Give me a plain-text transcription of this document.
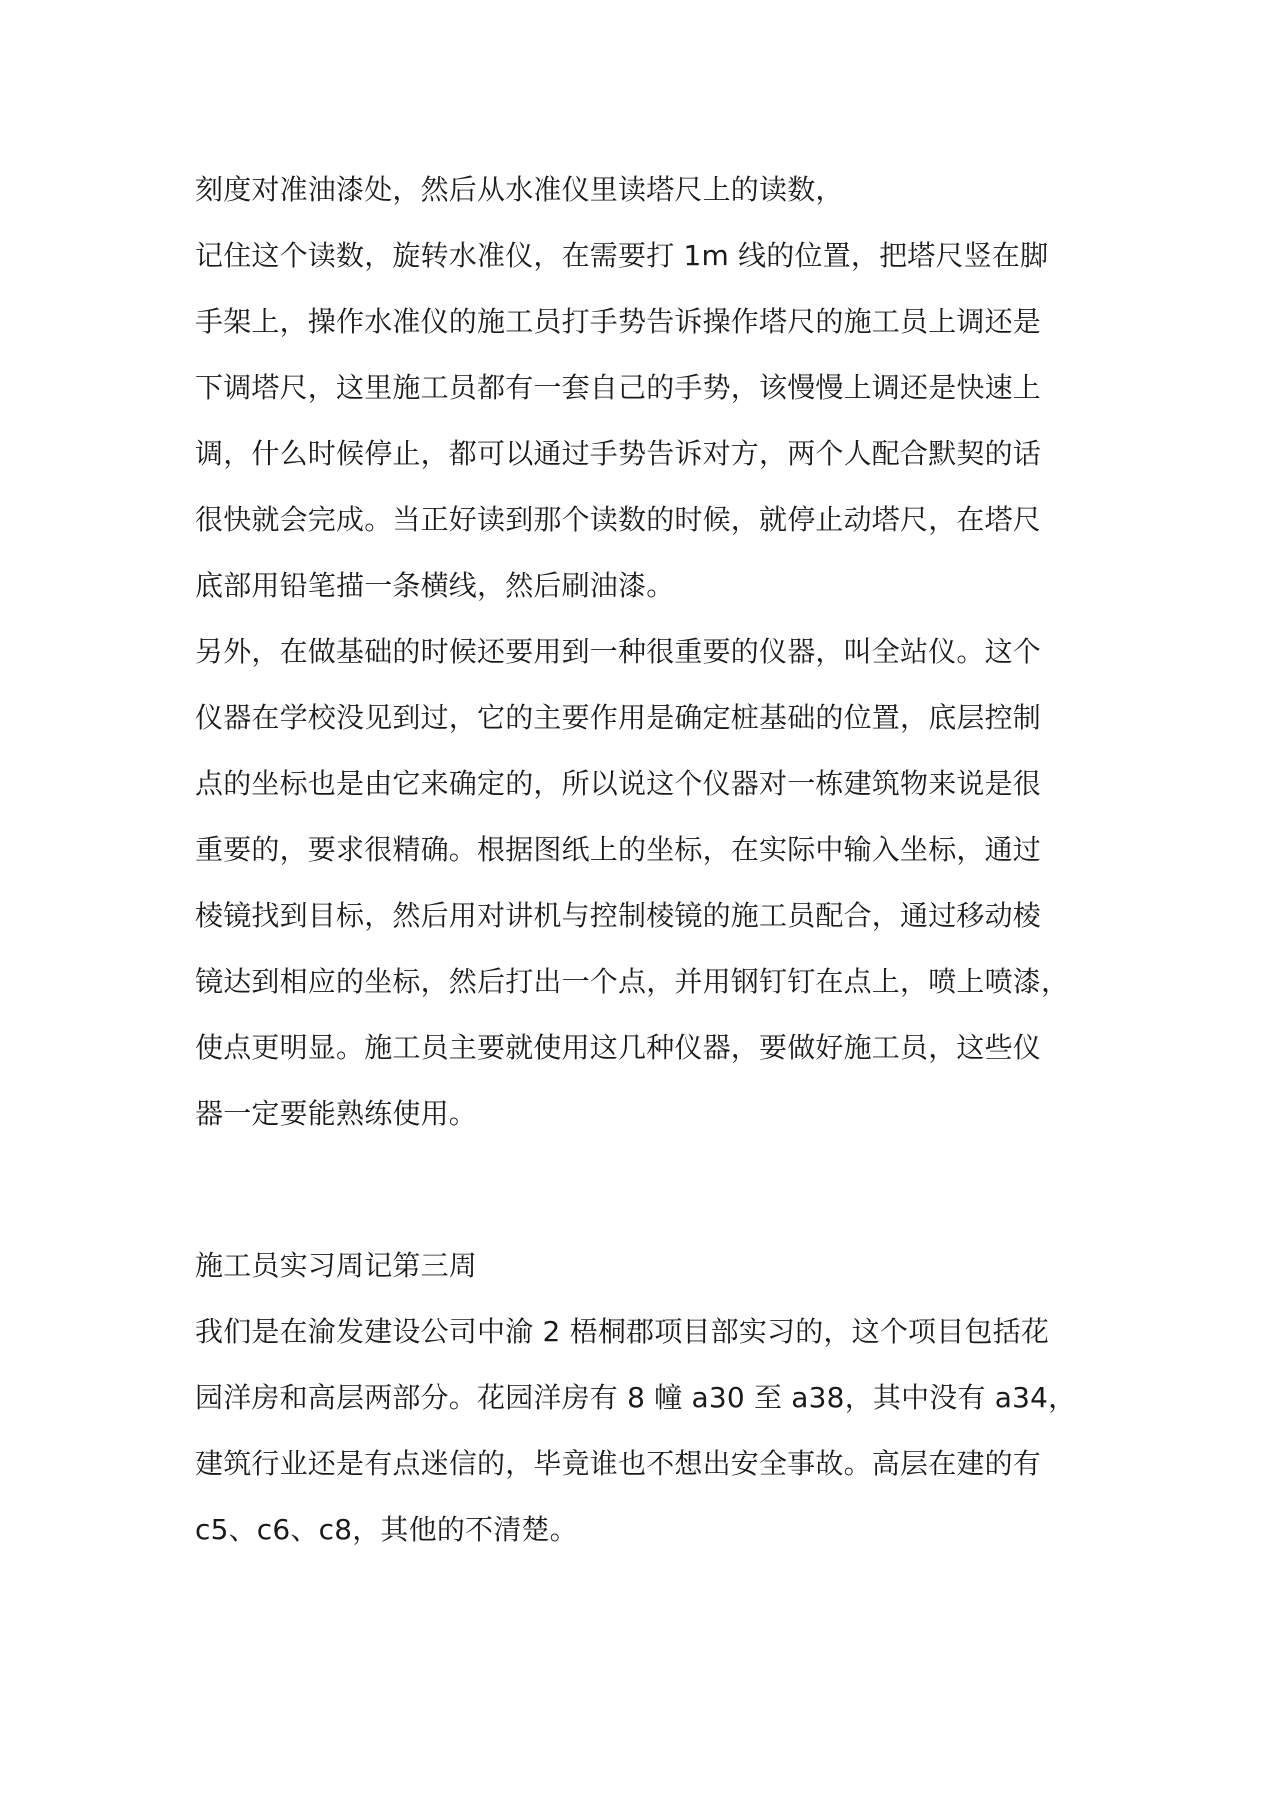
刻度对准油漆处，然后从水准仪里读塔尺上的读数，
记住这个读数，旋转水准仪，在需要打 1m 线的位置，把塔尺竖在脚
手架上，操作水准仪的施工员打手势告诉操作塔尺的施工员上调还是
下调塔尺，这里施工员都有一套自己的手势，该慢慢上调还是快速上
调，什么时候停止，都可以通过手势告诉对方，两个人配合默契的话
很快就会完成。当正好读到那个读数的时候，就停止动塔尺，在塔尺
底部用铅笔描一条横线，然后刷油漆。
另外，在做基础的时候还要用到一种很重要的仪器，叫全站仪。这个
仪器在学校没见到过，它的主要作用是确定桩基础的位置，底层控制
点的坐标也是由它来确定的，所以说这个仪器对一栋建筑物来说是很
重要的，要求很精确。根据图纸上的坐标，在实际中输入坐标，通过
棱镜找到目标，然后用对讲机与控制棱镜的施工员配合，通过移动棱
镜达到相应的坐标，然后打出一个点，并用钢钉钉在点上，喷上喷漆，
使点更明显。施工员主要就使用这几种仪器，要做好施工员，这些仪
器一定要能熟练使用。
施工员实习周记第三周
我们是在渝发建设公司中渝 2 梧桐郡项目部实习的，这个项目包括花
园洋房和高层两部分。花园洋房有 8 幢 a30 至 a38，其中没有 a34，
建筑行业还是有点迷信的，毕竟谁也不想出安全事故。高层在建的有
c5、c6、c8，其他的不清楚。
